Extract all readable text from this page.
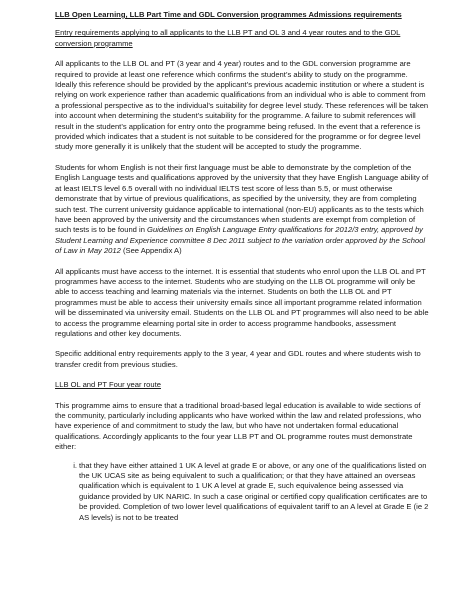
LLB Open Learning, LLB Part Time and GDL Conversion programmes Admissions requirements
Entry requirements applying to all applicants to the LLB PT and OL 3 and 4 year routes and to the GDL conversion programme

All applicants to the LLB OL and PT (3 year and 4 year) routes and to the GDL conversion programme are required to provide at least one reference which confirms the student’s ability to study on the programme. Ideally this reference should be provided by the applicant’s previous academic institution or where a student is relying on work experience rather than academic qualifications from an individual who is able to comment from a professional perspective as to the individual’s suitability for degree level study. These references will be taken into account when determining the student’s suitability for the programme. A failure to submit references will result in the student’s application for entry onto the programme being refused. In the event that a reference is provided which indicates that a student is not suitable to be considered for the programme or for degree level study more generally it is unlikely that the student will be accepted to study the programme.

Students for whom English is not their first language must be able to demonstrate by the completion of the English Language tests and qualifications approved by the university that they have English Language ability of at least IELTS level 6.5 overall with no individual IELTS test score of less than 5.5, or must otherwise demonstrate that by virtue of previous qualifications, as specified by the university, they are from completing such test. The current university guidance applicable to international (non-EU) applicants as to the tests which have been approved by the university and the circumstances when students are exempt from completion of such tests is to be found in Guidelines on English Language Entry qualifications for 2012/3 entry, approved by Student Learning and Experience committee 8 Dec 2011 subject to the variation order approved by the School of Law in May 2012 (See Appendix A)

All applicants must have access to the internet. It is essential that students who enrol upon the LLB OL and PT programmes have access to the internet. Students who are studying on the LLB OL programme will only be able to access teaching and learning materials via the internet. Students on both the LLB OL and PT programmes must be able to access their university emails since all important programme related information will be disseminated via university email. Students on the LLB OL and PT programmes will also need to be able to access the programme elearning portal site in order to access programme handbooks, assessment regulations and other key documents.

Specific additional entry requirements apply to the 3 year, 4 year and GDL routes and where students wish to transfer credit from previous studies.

LLB OL and PT Four year route

This programme aims to ensure that a traditional broad-based legal education is available to wide sections of the community, particularly including applicants who have worked within the law and related professions, who have experience of and commitment to study the law, but who have not undertaken formal educational qualifications. Accordingly applicants to the four year LLB PT and OL programme routes must demonstrate either:

i. that they have either attained 1 UK A level at grade E or above, or any one of the qualifications listed on the UK UCAS site as being equivalent to such a qualification; or that they have attained an overseas qualification which is equivalent to 1 UK A level at grade E, such equivalence being assessed via guidance provided by UK NARIC. In such a case original or certified copy qualification certificates are to be provided. Completion of two lower level qualifications of equivalent tariff to an A level at Grade E (ie 2 AS levels) is not to be treated
